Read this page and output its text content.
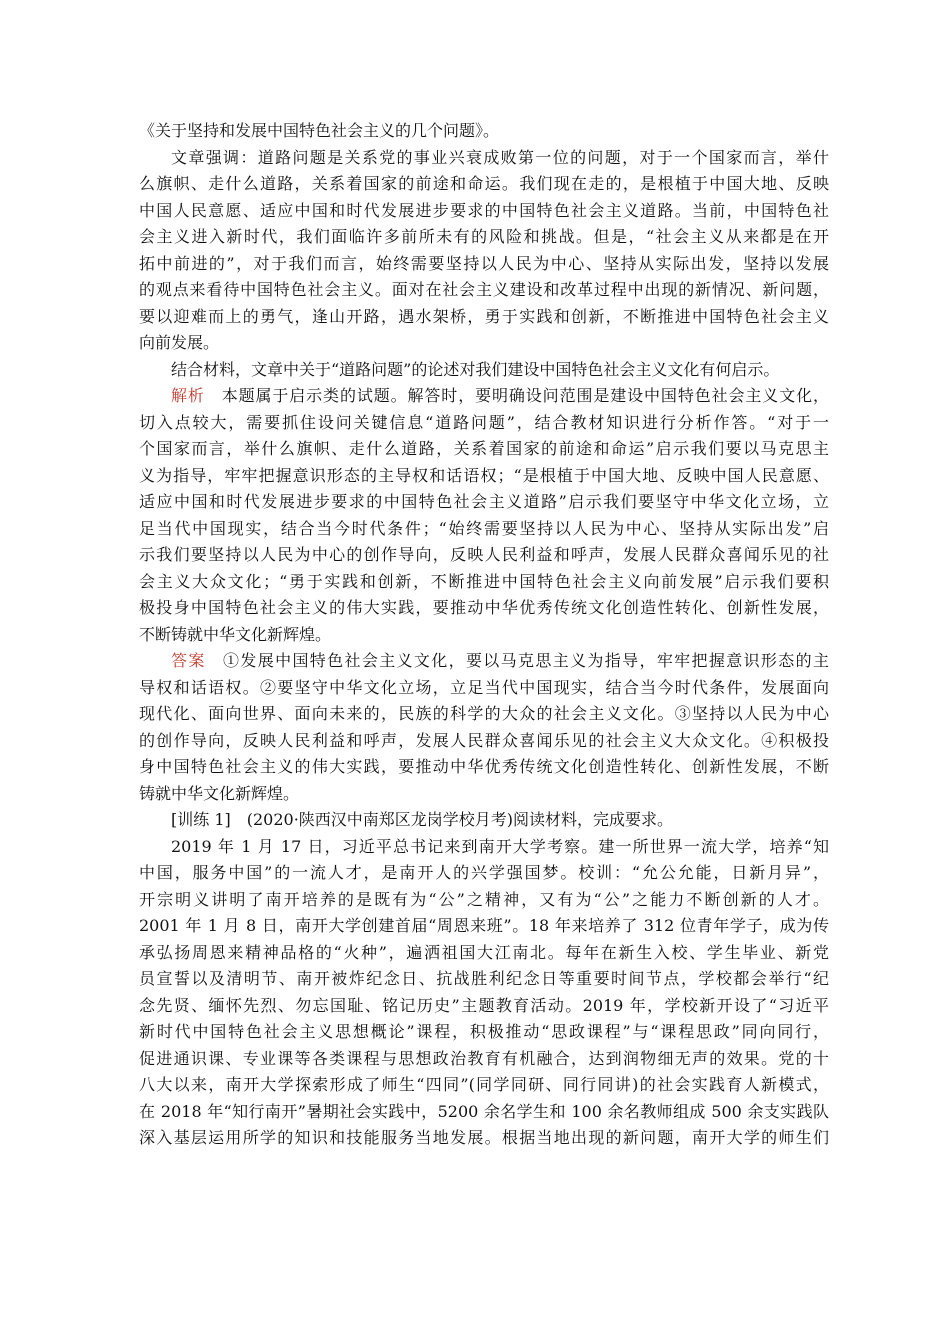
《关于坚持和发展中国特色社会主义的几个问题》。
文章强调：道路问题是关系党的事业兴衰成败第一位的问题，对于一个国家而言，举什
么旗帜、走什么道路，关系着国家的前途和命运。我们现在走的，是根植于中国大地、反映
中国人民意愿、适应中国和时代发展进步要求的中国特色社会主义道路。当前，中国特色社
会主义进入新时代，我们面临许多前所未有的风险和挑战。但是，“社会主义从来都是在开
拓中前进的”，对于我们而言，始终需要坚持以人民为中心、坚持从实际出发，坚持以发展
的观点来看待中国特色社会主义。面对在社会主义建设和改革过程中出现的新情况、新问题，
要以迎难而上的勇气，逢山开路，遇水架桥，勇于实践和创新，不断推进中国特色社会主义
向前发展。
结合材料，文章中关于“道路问题”的论述对我们建设中国特色社会主义文化有何启示。
解析 本题属于启示类的试题。解答时，要明确设问范围是建设中国特色社会主义文化，
切入点较大，需要抓住设问关键信息“道路问题”，结合教材知识进行分析作答。“对于一
个国家而言，举什么旗帜、走什么道路，关系着国家的前途和命运”启示我们要以马克思主
义为指导，牢牢把握意识形态的主导权和话语权；“是根植于中国大地、反映中国人民意愿、
适应中国和时代发展进步要求的中国特色社会主义道路”启示我们要坚守中华文化立场，立
足当代中国现实，结合当今时代条件；“始终需要坚持以人民为中心、坚持从实际出发”启
示我们要坚持以人民为中心的创作导向，反映人民利益和呼声，发展人民群众喜闻乐见的社
会主义大众文化；“勇于实践和创新，不断推进中国特色社会主义向前发展”启示我们要积
极投身中国特色社会主义的伟大实践，要推动中华优秀传统文化创造性转化、创新性发展，
不断铸就中华文化新辉煌。
答案 ①发展中国特色社会主义文化，要以马克思主义为指导，牢牢把握意识形态的主
导权和话语权。②要坚守中华文化立场，立足当代中国现实，结合当今时代条件，发展面向
现代化、面向世界、面向未来的，民族的科学的大众的社会主义文化。③坚持以人民为中心
的创作导向，反映人民利益和呼声，发展人民群众喜闻乐见的社会主义大众文化。④积极投
身中国特色社会主义的伟大实践，要推动中华优秀传统文化创造性转化、创新性发展，不断
铸就中华文化新辉煌。
[训练 1]　(2020·陕西汉中南郑区龙岗学校月考)阅读材料，完成要求。
2019 年 1 月 17 日，习近平总书记来到南开大学考察。建一所世界一流大学，培养“知
中国，服务中国”的一流人才，是南开人的兴学强国梦。校训：“允公允能，日新月异”，
开宗明义讲明了南开培养的是既有为“公”之精神，又有为“公”之能力不断创新的人才。
2001 年 1 月 8 日，南开大学创建首届“周恩来班”。18 年来培养了 312 位青年学子，成为传
承弘扬周恩来精神品格的“火种”，遍洒祖国大江南北。每年在新生入校、学生毕业、新党
员宣誓以及清明节、南开被炸纪念日、抗战胜利纪念日等重要时间节点，学校都会举行“纪
念先贤、缅怀先烈、勿忘国耻、铭记历史”主题教育活动。2019 年，学校新开设了“习近平
新时代中国特色社会主义思想概论”课程，积极推动“思政课程”与“课程思政”同向同行，
促进通识课、专业课等各类课程与思想政治教育有机融合，达到润物细无声的效果。党的十
八大以来，南开大学探索形成了师生“四同”(同学同研、同行同讲)的社会实践育人新模式，
在 2018 年“知行南开”暑期社会实践中，5200 余名学生和 100 余名教师组成 500 余支实践队
深入基层运用所学的知识和技能服务当地发展。根据当地出现的新问题，南开大学的师生们
